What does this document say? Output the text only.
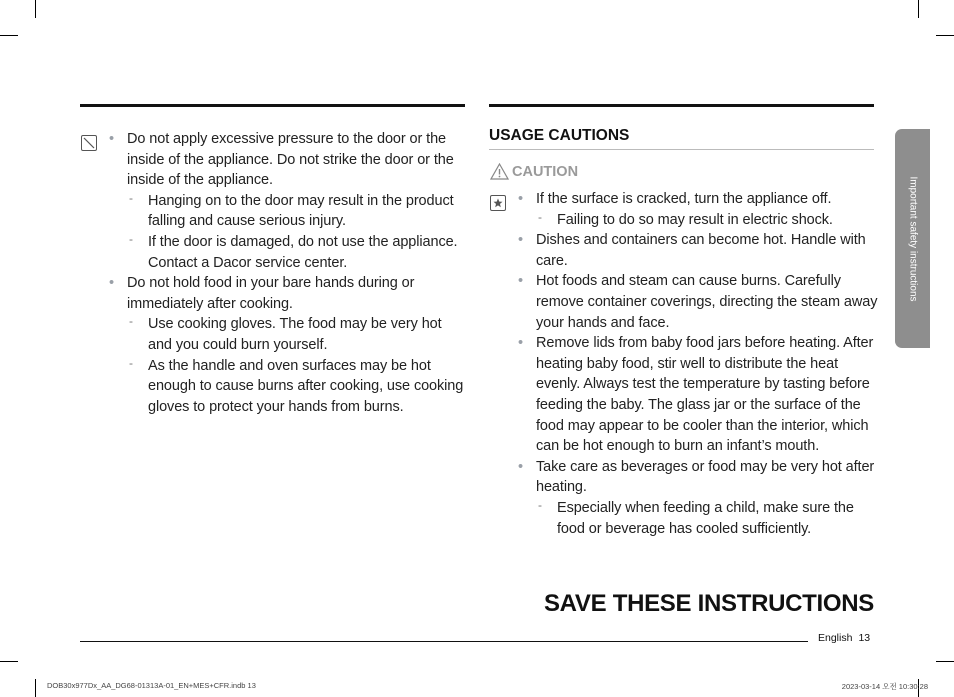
• Do not apply excessive pressure to the door or the inside of the appliance. Do not strike the door or the inside of the appliance.
- Hanging on to the door may result in the product falling and cause serious injury.
- If the door is damaged, do not use the appliance. Contact a Dacor service center.
• Do not hold food in your bare hands during or immediately after cooking.
- Use cooking gloves. The food may be very hot and you could burn yourself.
- As the handle and oven surfaces may be hot enough to cause burns after cooking, use cooking gloves to protect your hands from burns.
USAGE CAUTIONS
CAUTION
• If the surface is cracked, turn the appliance off.
- Failing to do so may result in electric shock.
• Dishes and containers can become hot. Handle with care.
• Hot foods and steam can cause burns. Carefully remove container coverings, directing the steam away your hands and face.
• Remove lids from baby food jars before heating. After heating baby food, stir well to distribute the heat evenly. Always test the temperature by tasting before feeding the baby. The glass jar or the surface of the food may appear to be cooler than the interior, which can be hot enough to burn an infant’s mouth.
• Take care as beverages or food may be very hot after heating.
- Especially when feeding a child, make sure the food or beverage has cooled sufficiently.
Important safety instructions
SAVE THESE INSTRUCTIONS
English 13
DOB30x977Dx_AA_DG68-01313A-01_EN+MES+CFR.indb 13	2023-03-14 오전 10:30:28
